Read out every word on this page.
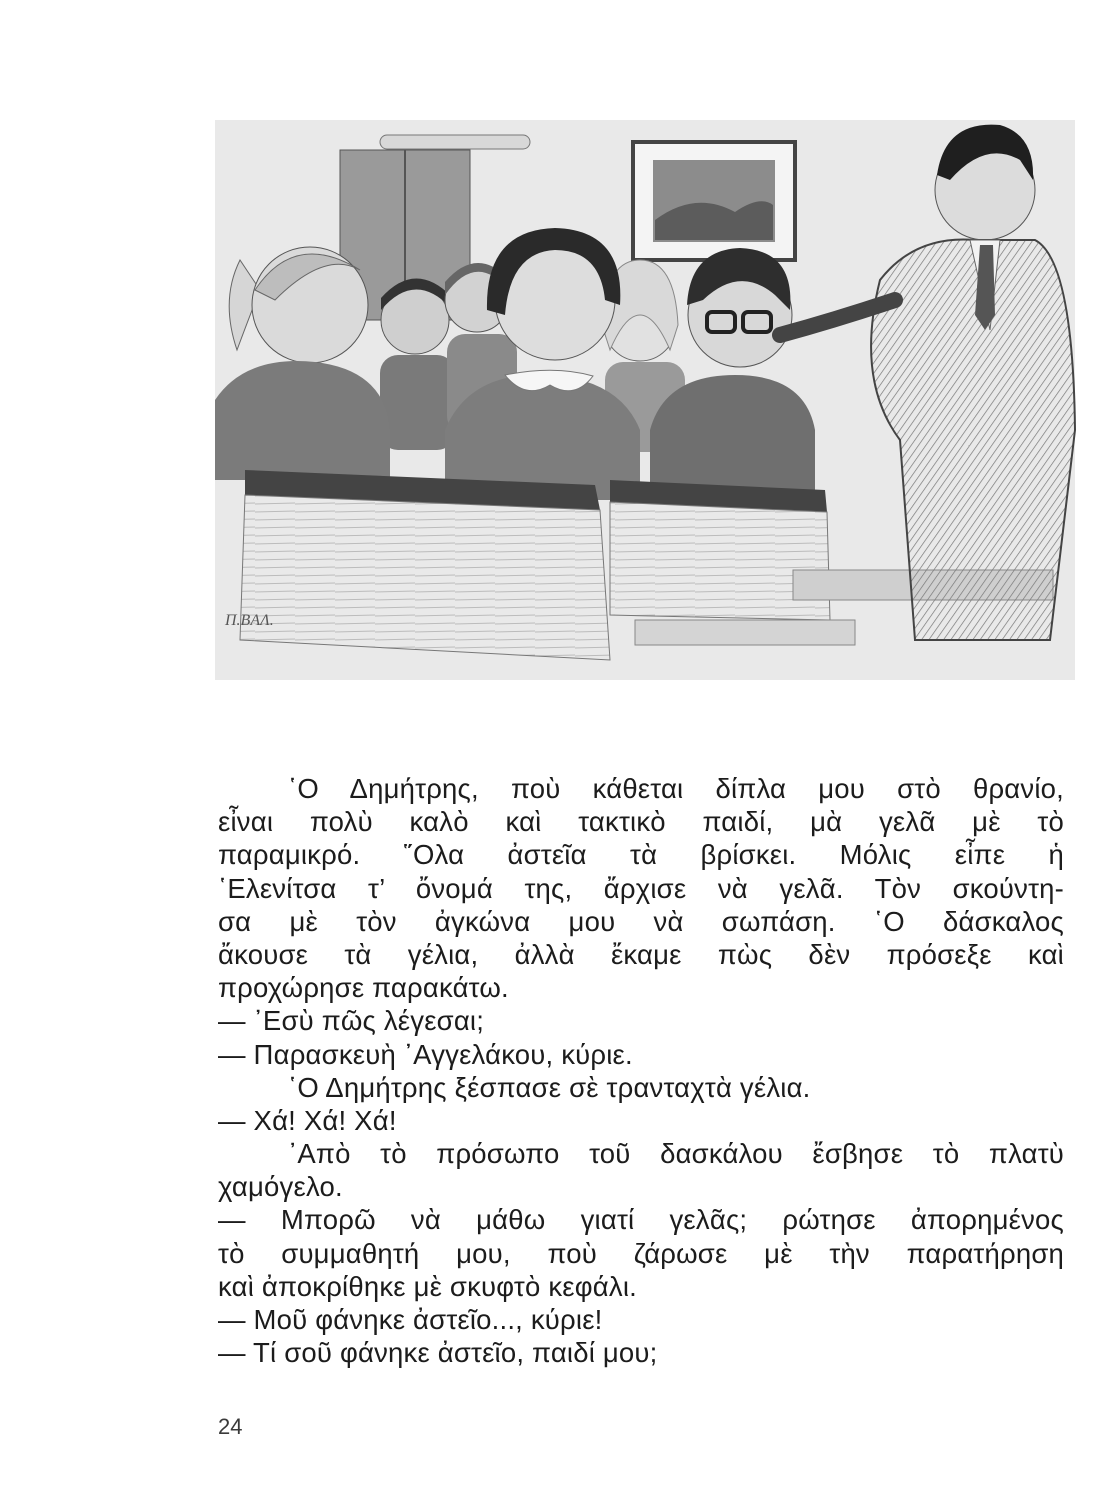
Π.ΒΑΛ.
῾Ο Δημήτρης, ποὺ κάθεται δίπλα μου στὸ θρανίο,
εἶναι πολὺ καλὸ καὶ τακτικὸ παιδί, μὰ γελᾶ μὲ τὸ
παραμικρό. ῞Ολα ἀστεῖα τὰ βρίσκει. Μόλις εἶπε ἡ
῾Ελενίτσα τ’ ὄνομά της, ἄρχισε νὰ γελᾶ. Τὸν σκούντη-
σα μὲ τὸν ἀγκώνα μου νὰ σωπάση. ῾Ο δάσκαλος
ἄκουσε τὰ γέλια, ἀλλὰ ἔκαμε πὼς δὲν πρόσεξε καὶ
προχώρησε παρακάτω.
— ᾿Εσὺ πῶς λέγεσαι;
— Παρασκευὴ ᾿Αγγελάκου, κύριε.
῾Ο Δημήτρης ξέσπασε σὲ τρανταχτὰ γέλια.
— Χά! Χά! Χά!
᾿Απὸ τὸ πρόσωπο τοῦ δασκάλου ἔσβησε τὸ πλατὺ
χαμόγελο.
— Μπορῶ νὰ μάθω γιατί γελᾶς; ρώτησε ἀπορημένος
τὸ συμμαθητή μου, ποὺ ζάρωσε μὲ τὴν παρατήρηση
καὶ ἀποκρίθηκε μὲ σκυφτὸ κεφάλι.
— Μοῦ φάνηκε ἀστεῖο..., κύριε!
— Τί σοῦ φάνηκε ἀστεῖο, παιδί μου;
24
